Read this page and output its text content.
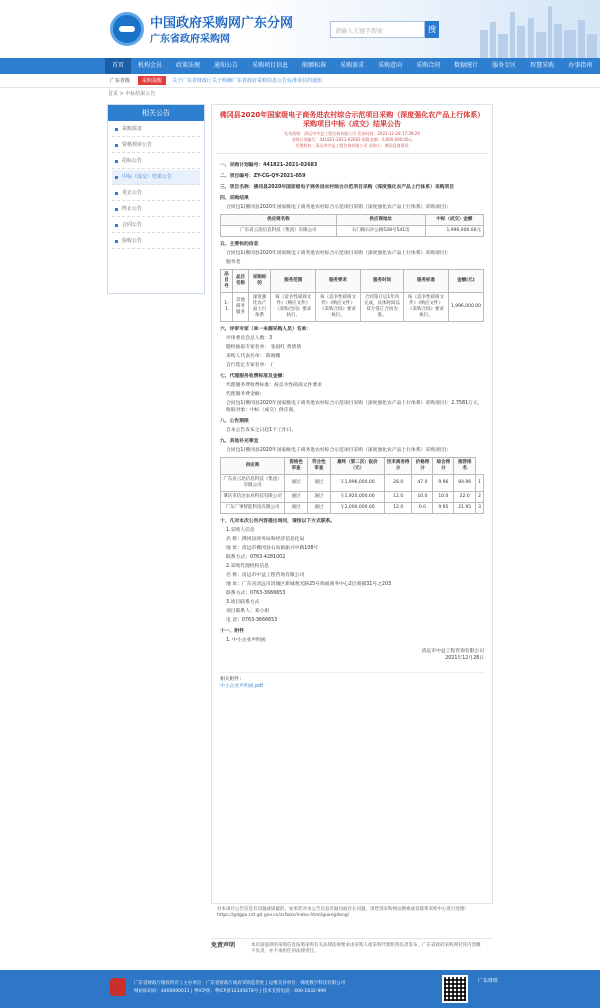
中国政府采购网广东分网
广东省政府采购网
请输入关键字搜索	搜
首页	机构会员	政策法规	通知公告	采购项目信息	限额标准	采购需求	采购意向	采购合同	数据统计	服务专区	智慧采购	办事指南
广东省级	采购提醒	关于广东省财政厅关于明确广东省政府采购信息公告标准项目的通知
首页 > 中标结果公告
相关公告
采购需求
资格预审公告
招标公告
中标（成交）结果公告
更正公告
终止公告
合同公告
验收公告
佛冈县2020年国家级电子商务进农村综合示范项目采购（深度强化农产品上行体系）采购项目中标（成交）结果公告
发布机构：清远市中益工程咨询有限公司 发布时间：2021-12-28 17:39:29
采购计划编号：441821-2021-02683 预算金额：2,000,000.00元
代理机构：清远市中益工程咨询有限公司 采购人：佛冈县商务局
一、采购计划编号：441821-2021-02683
二、项目编号：ZY-CG-QY-2021-059
三、项目名称：佛冈县2020年国家级电子商务进农村综合示范项目采购（深度强化农产品上行体系）采购项目
四、采购结果
合同包1(佛冈县2020年国家级电子商务进农村综合示范项目采购（深度强化农产品上行体系）采购项目)：
供应商名称	供应商地址	中标（成交）金额
广东省云迅信息科技（集团）有限公司	石门路石沙公路528号541房	1,996,000.00元
五、主要标的信息
合同包1(佛冈县2020年国家级电子商务进农村综合示范项目采购（深度强化农产品上行体系）采购项目)：
服务类
品目号	品目名称	采购标的	服务范围	服务要求	服务时间	服务标准	金额(元)
1-1	其他商务服务	深度强化农产品上行体系	按《竞争性磋商文件》《响应文件》《采购合同》要求执行。	按《竞争性磋商文件》《响应文件》《采购合同》要求执行。	合同签订后1年内完成，具体时间以双方签订合同为准。	按《竞争性磋商文件》《响应文件》《采购合同》要求执行。	1,996,000.00
六、评审专家（单一来源采购人员）名单：
评审委员会总人数：3
随机抽取专家名单： 张国红 黄倩倩
采购人代表名单： 陈晓娜
自行选定专家名单： /
七、代理服务收费标准及金额：
代理服务费收费标准：按竞争性磋商文件要求
代理服务费金额：
合同包1(佛冈县2020年国家级电子商务进农村综合示范项目采购（深度强化农产品上行体系）采购项目)：2.7581万元，收取对象：中标（成交）供应商。
八、公告期限
自本公告发布之日起1个工作日。
九、其他补充事宜
合同包1(佛冈县2020年国家级电子商务进农村综合示范项目采购（深度强化农产品上行体系）采购项目)：
供应商	资格性审查	符合性审查	最终（第二次）报价（元）	技术商务得分	价格得分	综合得分	推荐排名	
广东省云迅信息科技（集团）有限公司	通过	通过	￥1,996,000.00	28.0	47.0	9.96	84.96	1
肇庆市信达农业科技有限公司	通过	通过	￥1,920,000.00	12.0	10.0	10.0	22.0	2
广东广事智能科技有限公司	通过	通过	￥2,000,000.00	12.0	0.0	9.95	21.95	3
十、凡对本次公告内容提出询问，请按以下方式联系。
1.采购人信息
名 称：佛冈县商务局和经济信息化局
地 址：清远市佛冈县石角镇振兴中路108号
联系方式：0763-4281002
2.采购代理机构信息
名 称：清远市中益工程咨询有限公司
地 址：广东省清远市清城区新城观光路25号保福商务中心2层商铺31号之203
联系方式：0763-3666653
3.项目联系方式
项目联系人：邓小姐
电 话：0763-3666653
十一、附件
1. 中小企业声明函
清远市中益工程咨询有限公司
2021年12月28日
相关附件：
中小企业声明函.pdf
对本项目公告信息有问题或质疑的，如果您对本公告信息有疑问或存在问题，请您到采购网站搜索或者联系采购中心进行处理！ https://gdgpo.czt.gd.gov.cn/zcfwzx/index.html/guangdong/
免责声明	本页面提供的采购信息按照采购有关法律法规要求由采购人或采购代理机构负责发布，广东省政府采购网对其内容概不负责，亦不承担任何法律责任。
广东省财政厅版权所有 | 主办单位：广东省财政厅政府采购监管处 | 运维支持单位：梯度数字科技有限公司
网站标识码：4400000011 | 粤ICP备：粤ICP备12345678号 | 技术支持电话：400-1832-999
广东财政
